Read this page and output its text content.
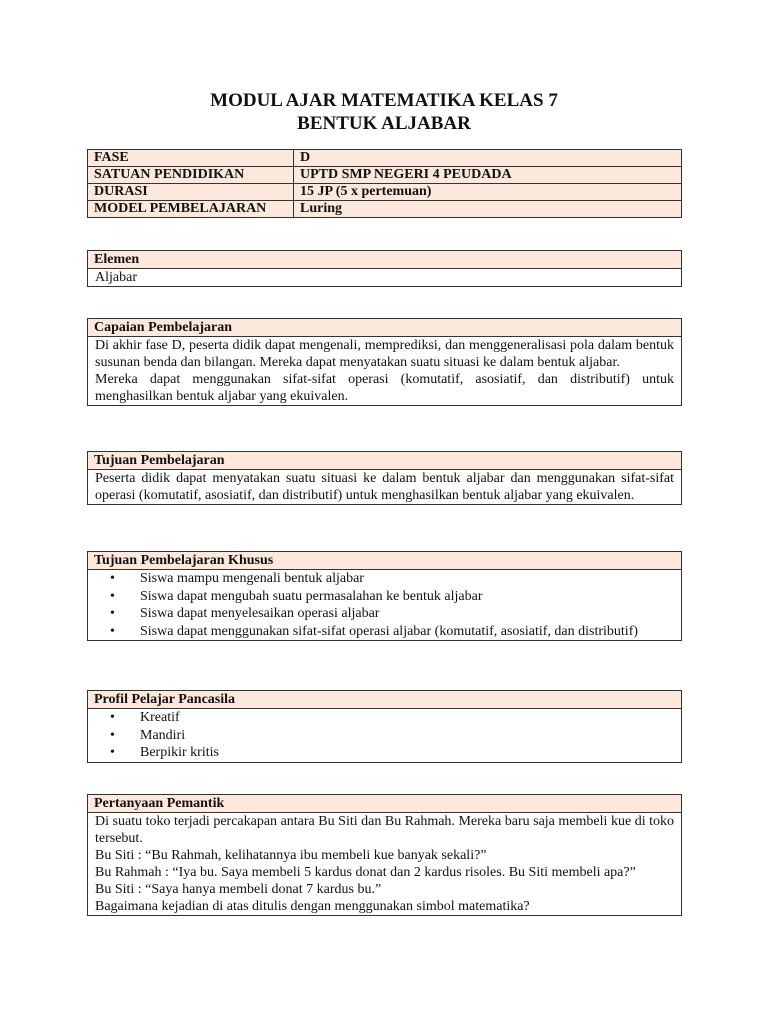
MODUL AJAR MATEMATIKA KELAS 7
BENTUK ALJABAR
FASE	D
SATUAN PENDIDIKAN	UPTD SMP NEGERI 4 PEUDADA
DURASI	15 JP (5 x pertemuan)
MODEL PEMBELAJARAN	Luring
Elemen
Aljabar
Capaian Pembelajaran

Di akhir fase D, peserta didik dapat mengenali, memprediksi, dan menggeneralisasi pola dalam bentuk susunan benda dan bilangan. Mereka dapat menyatakan suatu situasi ke dalam bentuk aljabar.

Mereka dapat menggunakan sifat-sifat operasi (komutatif, asosiatif, dan distributif) untuk menghasilkan bentuk aljabar yang ekuivalen.

Tujuan Pembelajaran
Peserta didik dapat menyatakan suatu situasi ke dalam bentuk aljabar dan menggunakan sifat-sifat operasi (komutatif, asosiatif, dan distributif) untuk menghasilkan bentuk aljabar yang ekuivalen.
Tujuan Pembelajaran Khusus
• Siswa mampu mengenali bentuk aljabar
• Siswa dapat mengubah suatu permasalahan ke bentuk aljabar
• Siswa dapat menyelesaikan operasi aljabar
• Siswa dapat menggunakan sifat-sifat operasi aljabar (komutatif, asosiatif, dan distributif)
Profil Pelajar Pancasila
• Kreatif
• Mandiri
• Berpikir kritis
Pertanyaan Pemantik

Di suatu toko terjadi percakapan antara Bu Siti dan Bu Rahmah. Mereka baru saja membeli kue di toko tersebut.

Bu Siti : “Bu Rahmah, kelihatannya ibu membeli kue banyak sekali?”

Bu Rahmah : “Iya bu. Saya membeli 5 kardus donat dan 2 kardus risoles. Bu Siti membeli apa?”

Bu Siti : “Saya hanya membeli donat 7 kardus bu.”

Bagaimana kejadian di atas ditulis dengan menggunakan simbol matematika?
